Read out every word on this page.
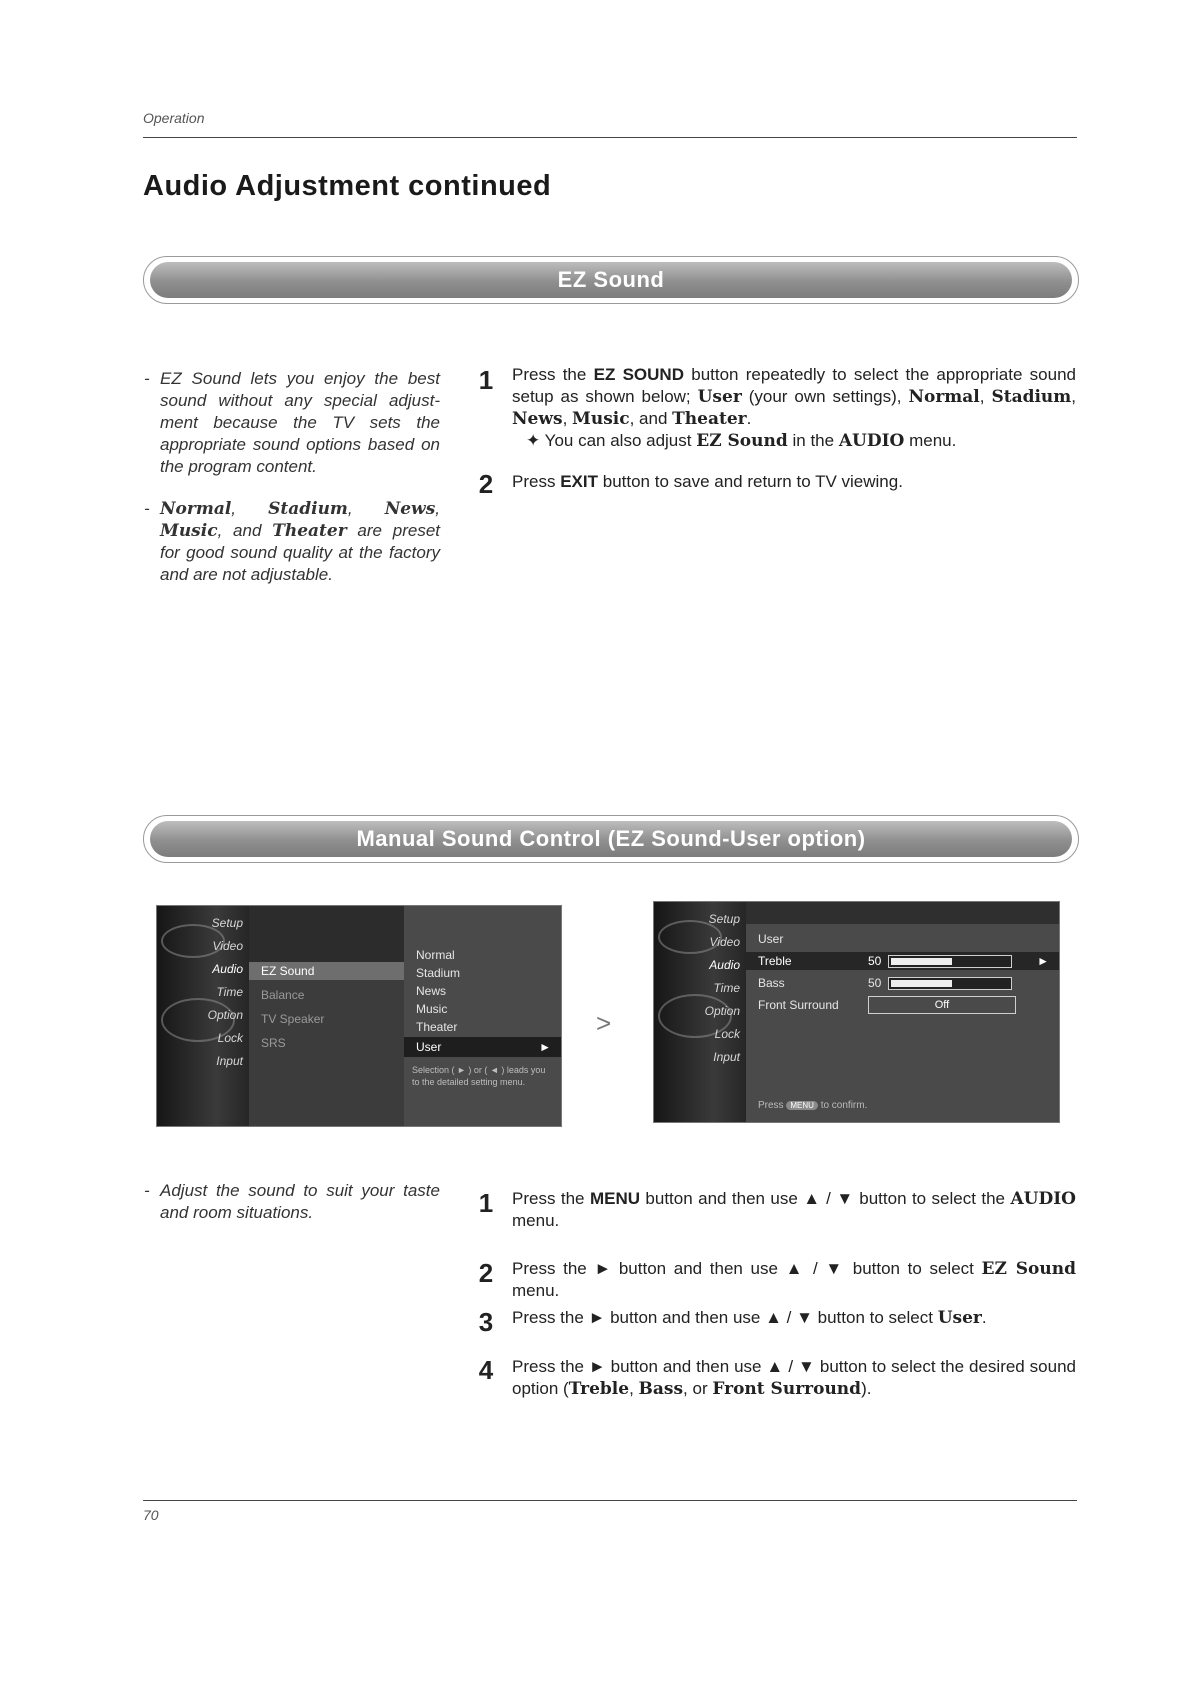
Operation
Audio Adjustment continued
EZ Sound
- EZ Sound lets you enjoy the best sound without any special adjust-ment because the TV sets the appropriate sound options based on the program content.
- Normal, Stadium, News, Music, and Theater are preset for good sound quality at the factory and are not adjustable.
1	Press the EZ SOUND button repeatedly to select the appropriate sound setup as shown below; User (your own settings), Normal, Stadium, News, Music, and Theater.
✦ You can also adjust EZ Sound in the AUDIO menu.
2	Press EXIT button to save and return to TV viewing.
Manual Sound Control (EZ Sound-User option)
Setup
Video
Audio
Time
Option
Lock
Input
EZ Sound
Balance
TV Speaker
SRS
Normal
Stadium
News
Music
Theater
User	►
Selection ( ► ) or ( ◄ ) leads you to the detailed setting menu.
>
Setup
Video
Audio
Time
Option
Lock
Input
User
Treble	50	►
Bass	50
Front Surround	Off
Press MENU to confirm.
- Adjust the sound to suit your taste and room situations.	1	Press the MENU button and then use ▲ / ▼ button to select the AUDIO menu.
2	Press the ► button and then use ▲ / ▼ button to select EZ Sound menu.
3	Press the ► button and then use ▲ / ▼ button to select User.
4	Press the ► button and then use ▲ / ▼ button to select the desired sound option (Treble, Bass, or Front Surround).
70
